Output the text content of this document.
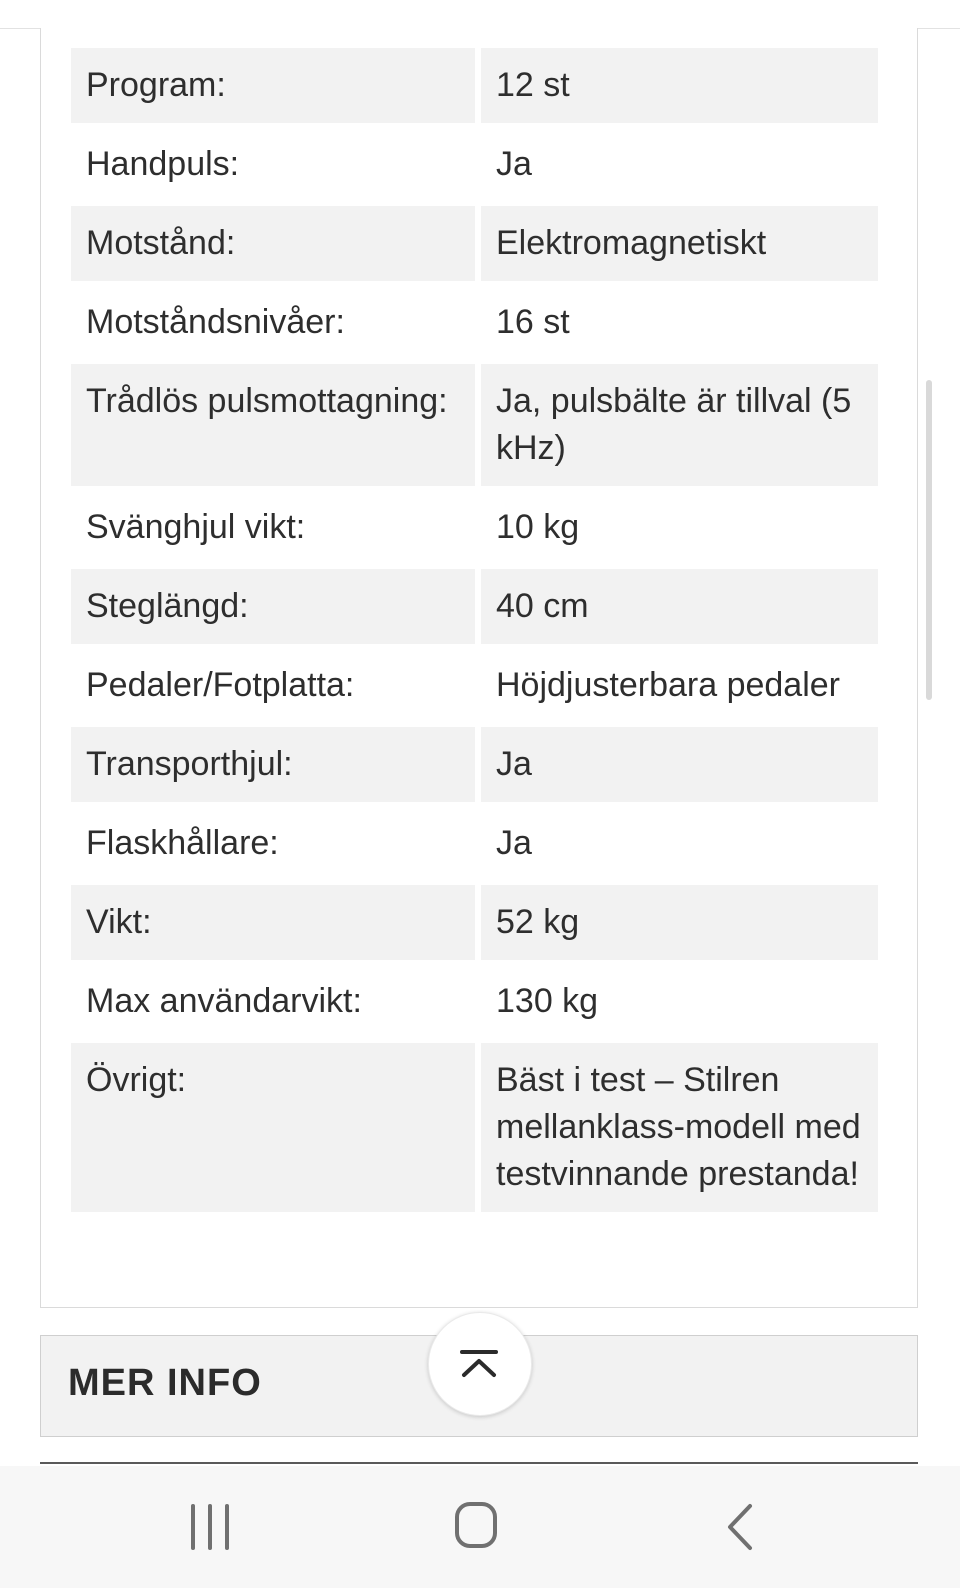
Program:	12 st
Handpuls:	Ja
Motstånd:	Elektromagnetiskt
Motståndsnivåer:	16 st
Trådlös pulsmottagning:	Ja, pulsbälte är tillval (5 kHz)
Svänghjul vikt:	10 kg
Steglängd:	40 cm
Pedaler/Fotplatta:	Höjdjusterbara pedaler
Transporthjul:	Ja
Flaskhållare:	Ja
Vikt:	52 kg
Max användarvikt:	130 kg
Övrigt:	Bäst i test – Stilren mellanklass-modell med testvinnande prestanda!
MER INFO
